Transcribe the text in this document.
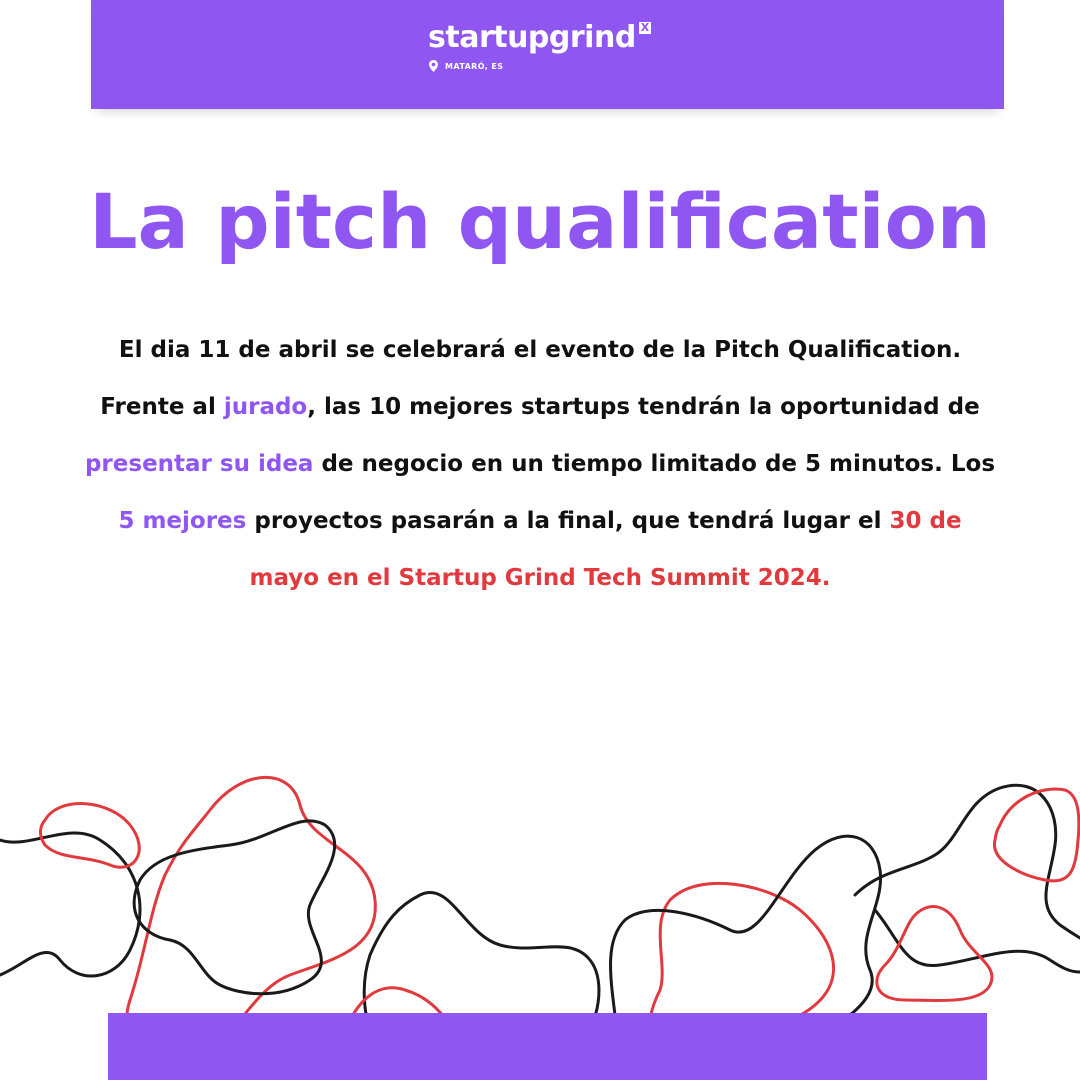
startupgrind X
MATARÓ, ES
La pitch qualification

El dia 11 de abril se celebrará el evento de la Pitch Qualification.
Frente al jurado, las 10 mejores startups tendrán la oportunidad de
presentar su idea de negocio en un tiempo limitado de 5 minutos. Los
5 mejores proyectos pasarán a la final, que tendrá lugar el 30 de
mayo en el Startup Grind Tech Summit 2024.
